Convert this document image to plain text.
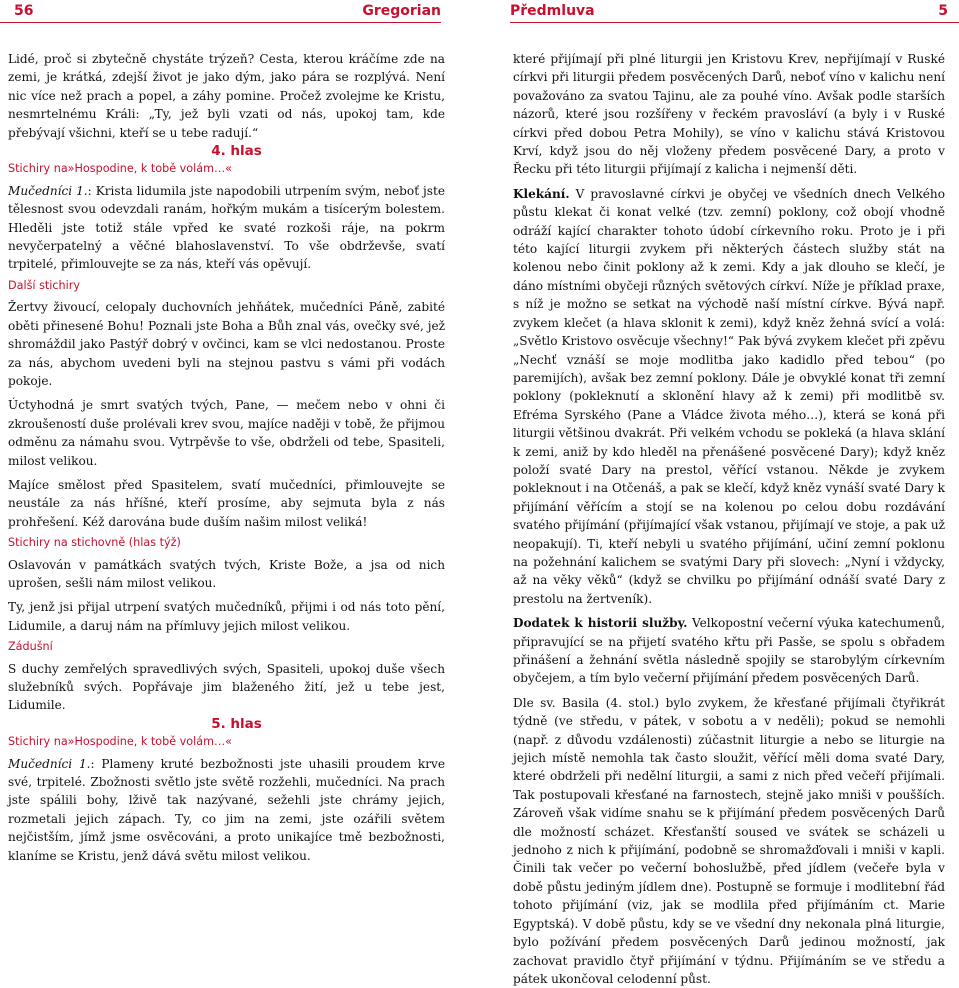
56	Gregorian	Předmluva	5

Lidé, proč si zbytečně chystáte trýzeň? Cesta, kterou kráčíme zde na zemi, je krátká, zdejší život je jako dým, jako pára se rozplývá. Není nic více než prach a popel, a záhy pomine. Pročež zvolejme ke Kristu, nesmrtelnému Králi: „Ty, jež byli vzati od nás, upokoj tam, kde přebývají všichni, kteří se u tebe radují.“

4. hlas

Stichiry na»Hospodine, k tobě volám…«

Mučedníci 1.: Krista lidumila jste napodobili utrpením svým, neboť jste tělesnost svou odevzdali ranám, hořkým mukám a tisícerým bolestem. Hleděli jste totiž stále vpřed ke svaté rozkoši ráje, na pokrm nevyčerpatelný a věčné blahoslavenství. To vše obdrževše, svatí trpitelé, přimlouvejte se za nás, kteří vás opěvují.

Další stichiry

Žertvy živoucí, celopaly duchovních jehňátek, mučedníci Páně, zabité oběti přinesené Bohu! Poznali jste Boha a Bůh znal vás, ovečky své, jež shromáždil jako Pastýř dobrý v ovčinci, kam se vlci nedostanou. Proste za nás, abychom uvedeni byli na stejnou pastvu s vámi při vodách pokoje.

Úctyhodná je smrt svatých tvých, Pane, — mečem nebo v ohni či zkroušeností duše prolévali krev svou, majíce naději v tobě, že přijmou odměnu za námahu svou. Vytrpěvše to vše, obdrželi od tebe, Spasiteli, milost velikou.

Majíce smělost před Spasitelem, svatí mučedníci, přimlouvejte se neustále za nás hříšné, kteří prosíme, aby sejmuta byla z nás prohřešení. Kéž darována bude duším našim milost veliká!

Stichiry na stichovně (hlas týž)

Oslavován v památkách svatých tvých, Kriste Bože, a jsa od nich uprošen, sešli nám milost velikou.

Ty, jenž jsi přijal utrpení svatých mučedníků, přijmi i od nás toto pění, Lidumile, a daruj nám na přímluvy jejich milost velikou.

Zádušní

S duchy zemřelých spravedlivých svých, Spasiteli, upokoj duše všech služebníků svých. Popřávaje jim blaženého žití, jež u tebe jest, Lidumile.

5. hlas

Stichiry na»Hospodine, k tobě volám…«

Mučedníci 1.: Plameny kruté bezbožnosti jste uhasili proudem krve své, trpitelé. Zbožnosti světlo jste světě rozžehli, mučedníci. Na prach jste spálili bohy, lživě tak nazývané, sežehli jste chrámy jejich, rozmetali jejich zápach. Ty, co jim na zemi, jste ozářili světem nejčistším, jímž jsme osvěcováni, a proto unikajíce tmě bezbožnosti, klaníme se Kristu, jenž dává světu milost velikou.

které přijímají při plné liturgii jen Kristovu Krev, nepřijímají v Ruské církvi při liturgii předem posvěcených Darů, neboť víno v kalichu není považováno za svatou Tajinu, ale za pouhé víno. Avšak podle starších názorů, které jsou rozšířeny v řeckém pravosláví (a byly i v Ruské církvi před dobou Petra Mohily), se víno v kalichu stává Kristovou Krví, když jsou do něj vloženy předem posvěcené Dary, a proto v Řecku při této liturgii přijímají z kalicha i nejmenší děti.

Klekání. V pravoslavné církvi je obyčej ve všedních dnech Velkého půstu klekat či konat velké (tzv. zemní) poklony, což obojí vhodně odráží kající charakter tohoto údobí církevního roku. Proto je i při této kající liturgii zvykem při některých částech služby stát na kolenou nebo činit poklony až k zemi. Kdy a jak dlouho se klečí, je dáno místními obyčeji různých světových církví. Níže je příklad praxe, s níž je možno se setkat na východě naší místní církve. Bývá např. zvykem klečet (a hlava sklonit k zemi), když kněz žehná svící a volá: „Světlo Kristovo osvěcuje všechny!“ Pak bývá zvykem klečet při zpěvu „Nechť vznáší se moje modlitba jako kadidlo před tebou“ (po paremijích), avšak bez zemní poklony. Dále je obvyklé konat tři zemní poklony (pokleknutí a sklonění hlavy až k zemi) při modlitbě sv. Efréma Syrského (Pane a Vládce života mého…), která se koná při liturgii většinou dvakrát. Při velkém vchodu se pokleká (a hlava sklání k zemi, aniž by kdo hleděl na přenášené posvěcené Dary); když kněz položí svaté Dary na prestol, věřící vstanou. Někde je zvykem pokleknout i na Otčenáš, a pak se klečí, když kněz vynáší svaté Dary k přijímání věřícím a stojí se na kolenou po celou dobu rozdávání svatého přijímání (přijímající však vstanou, přijímají ve stoje, a pak už neopakují). Ti, kteří nebyli u svatého přijímání, učiní zemní poklonu na požehnání kalichem se svatými Dary při slovech: „Nyní i vždycky, až na věky věků“ (když se chvilku po přijímání odnáší svaté Dary z prestolu na žertveník).

Dodatek k historii služby. Velkopostní večerní výuka katechumenů, připravující se na přijetí svatého křtu při Pasše, se spolu s obřadem přinášení a žehnání světla následně spojily se starobylým církevním obyčejem, a tím bylo večerní přijímání předem posvěcených Darů.

Dle sv. Basila (4. stol.) bylo zvykem, že křesťané přijímali čtyřikrát týdně (ve středu, v pátek, v sobotu a v neděli); pokud se nemohli (např. z důvodu vzdálenosti) zúčastnit liturgie a nebo se liturgie na jejich místě nemohla tak často sloužit, věřící měli doma svaté Dary, které obdrželi při nedělní liturgii, a sami z nich před večeří přijímali. Tak postupovali křesťané na farnostech, stejně jako mniši v poušších. Zároveň však vidíme snahu se k přijímání předem posvěcených Darů dle možností scházet. Křesťanští soused ve svátek se scházeli u jednoho z nich k přijímání, podobně se shromažďovali i mniši v kapli. Činili tak večer po večerní bohoslužbě, před jídlem (večeře byla v době půstu jediným jídlem dne). Postupně se formuje i modlitební řád tohoto přijímání (viz, jak se modlila před přijímáním ct. Marie Egyptská). V době půstu, kdy se ve všední dny nekonala plná liturgie, bylo požívání předem posvěcených Darů jedinou možností, jak zachovat pravidlo čtyř přijímání v týdnu. Přijímáním se ve středu a pátek ukončoval celodenní půst.
